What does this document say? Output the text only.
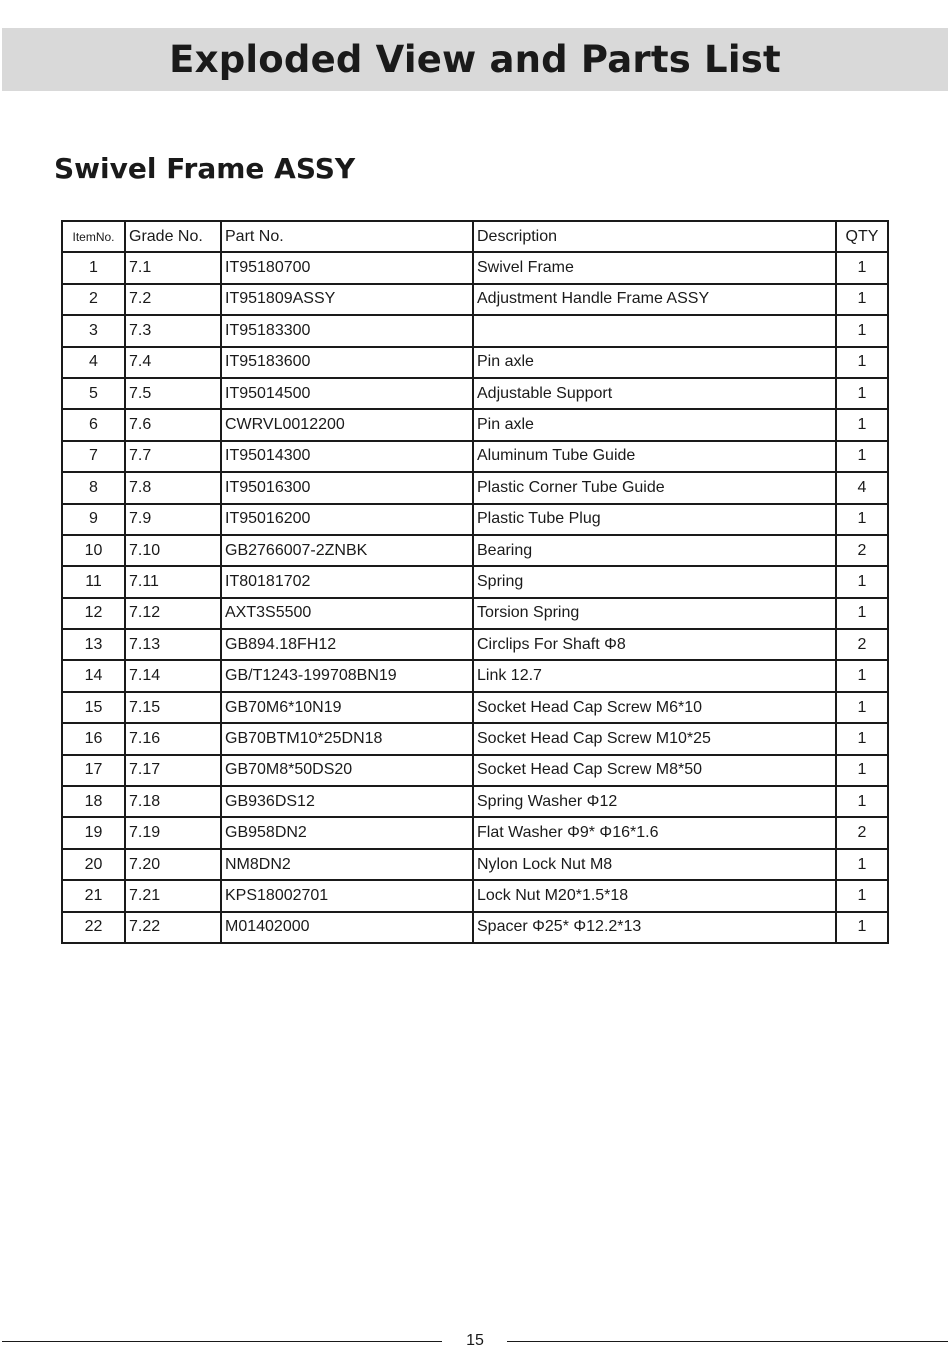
Exploded View and Parts List
Swivel Frame ASSY
ItemNo.	Grade No.	Part No.	Description	QTY
1	7.1	IT95180700	Swivel Frame	1
2	7.2	IT951809ASSY	Adjustment Handle Frame ASSY	1
3	7.3	IT95183300		1
4	7.4	IT95183600	Pin axle	1
5	7.5	IT95014500	Adjustable Support	1
6	7.6	CWRVL0012200	Pin axle	1
7	7.7	IT95014300	Aluminum Tube Guide	1
8	7.8	IT95016300	Plastic Corner Tube Guide	4
9	7.9	IT95016200	Plastic Tube Plug	1
10	7.10	GB2766007-2ZNBK	Bearing	2
11	7.11	IT80181702	Spring	1
12	7.12	AXT3S5500	Torsion Spring	1
13	7.13	GB894.18FH12	Circlips For Shaft Φ8	2
14	7.14	GB/T1243-199708BN19	Link 12.7	1
15	7.15	GB70M6*10N19	Socket Head Cap Screw M6*10	1
16	7.16	GB70BTM10*25DN18	Socket Head Cap Screw M10*25	1
17	7.17	GB70M8*50DS20	Socket Head Cap Screw M8*50	1
18	7.18	GB936DS12	Spring Washer Φ12	1
19	7.19	GB958DN2	Flat Washer Φ9* Φ16*1.6	2
20	7.20	NM8DN2	Nylon Lock Nut M8	1
21	7.21	KPS18002701	Lock Nut M20*1.5*18	1
22	7.22	M01402000	Spacer Φ25* Φ12.2*13	1
15
